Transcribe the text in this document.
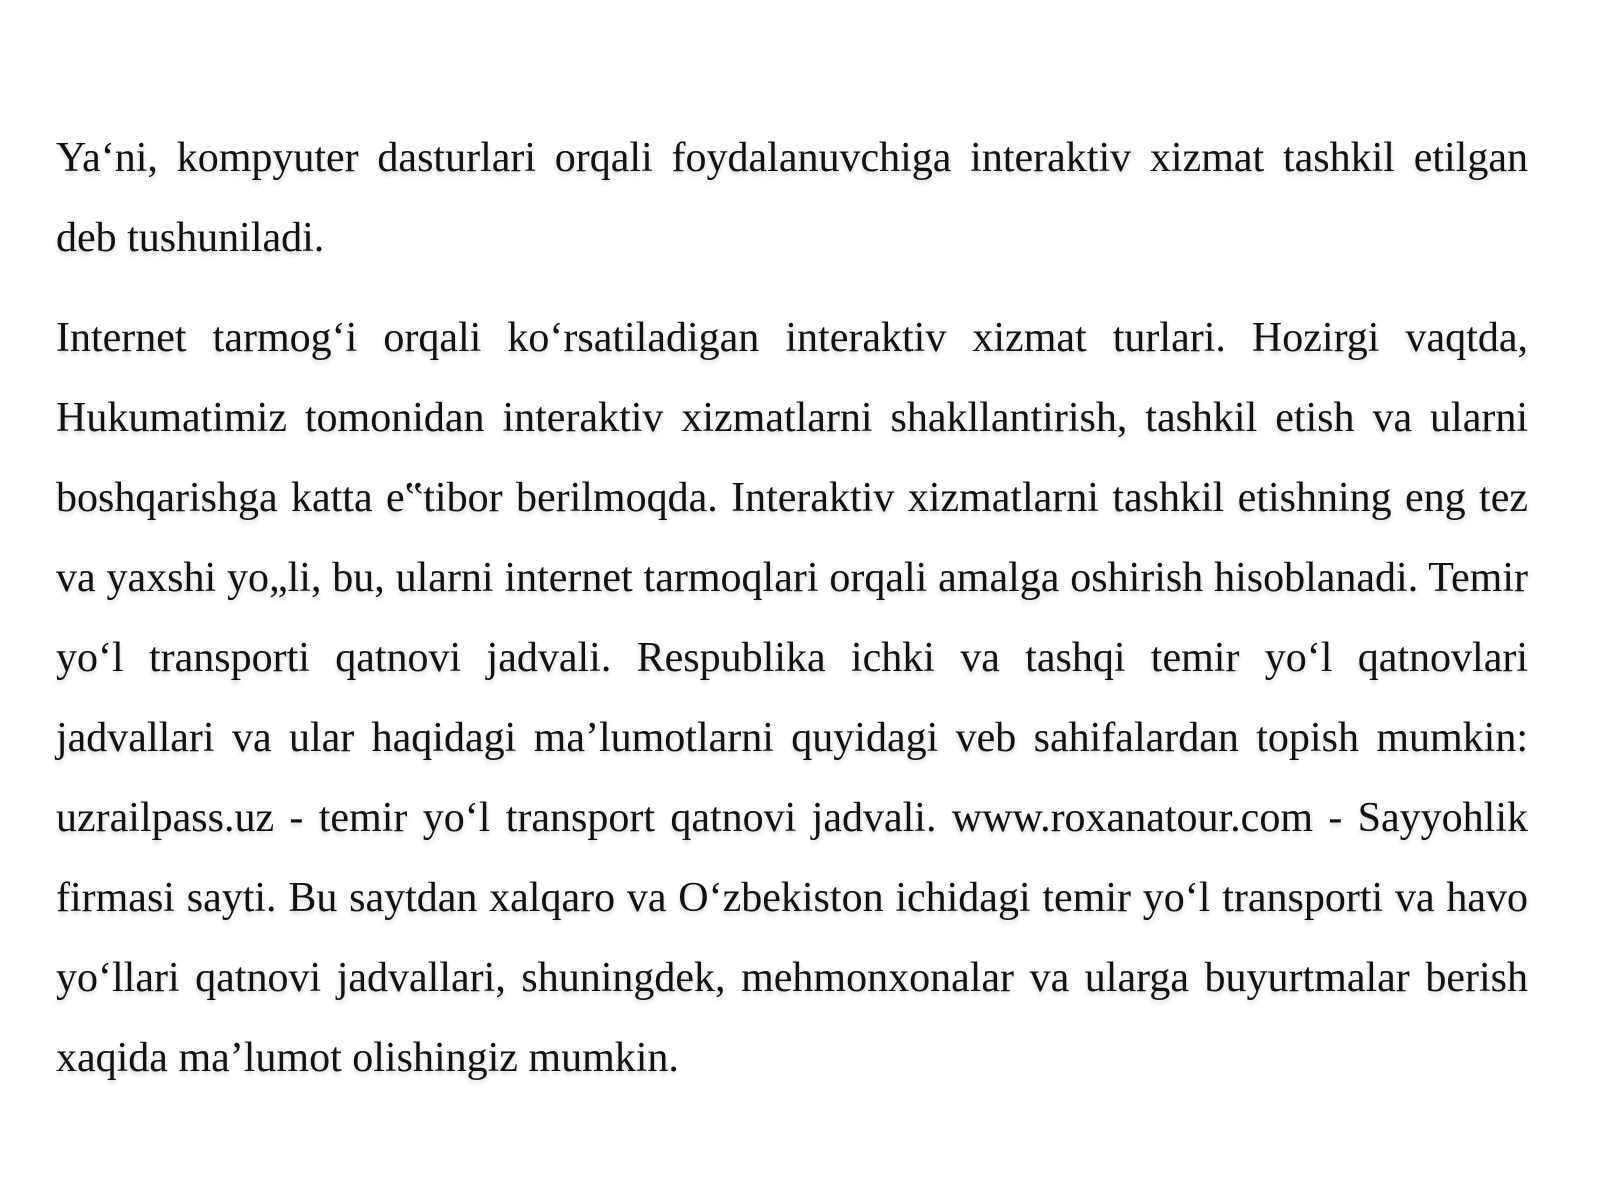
Ya‘ni, kompyuter dasturlari orqali foydalanuvchiga interaktiv xizmat tashkil etilgan deb tushuniladi.

Internet tarmog‘i orqali ko‘rsatiladigan interaktiv xizmat turlari. Hozirgi vaqtda, Hukumatimiz tomonidan interaktiv xizmatlarni shakllantirish, tashkil etish va ularni boshqarishga katta e‟tibor berilmoqda. Interaktiv xizmatlarni tashkil etishning eng tez va yaxshi yo„li, bu, ularni internet tarmoqlari orqali amalga oshirish hisoblanadi. Temir yo‘l transporti qatnovi jadvali. Respublika ichki va tashqi temir yo‘l qatnovlari jadvallari va ular haqidagi ma’lumotlarni quyidagi veb sahifalardan topish mumkin: uzrailpass.uz - temir yo‘l transport qatnovi jadvali. www.roxanatour.com - Sayyohlik firmasi sayti. Bu saytdan xalqaro va O‘zbekiston ichidagi temir yo‘l transporti va havo yo‘llari qatnovi jadvallari, shuningdek, mehmonxonalar va ularga buyurtmalar berish xaqida ma’lumot olishingiz mumkin.
